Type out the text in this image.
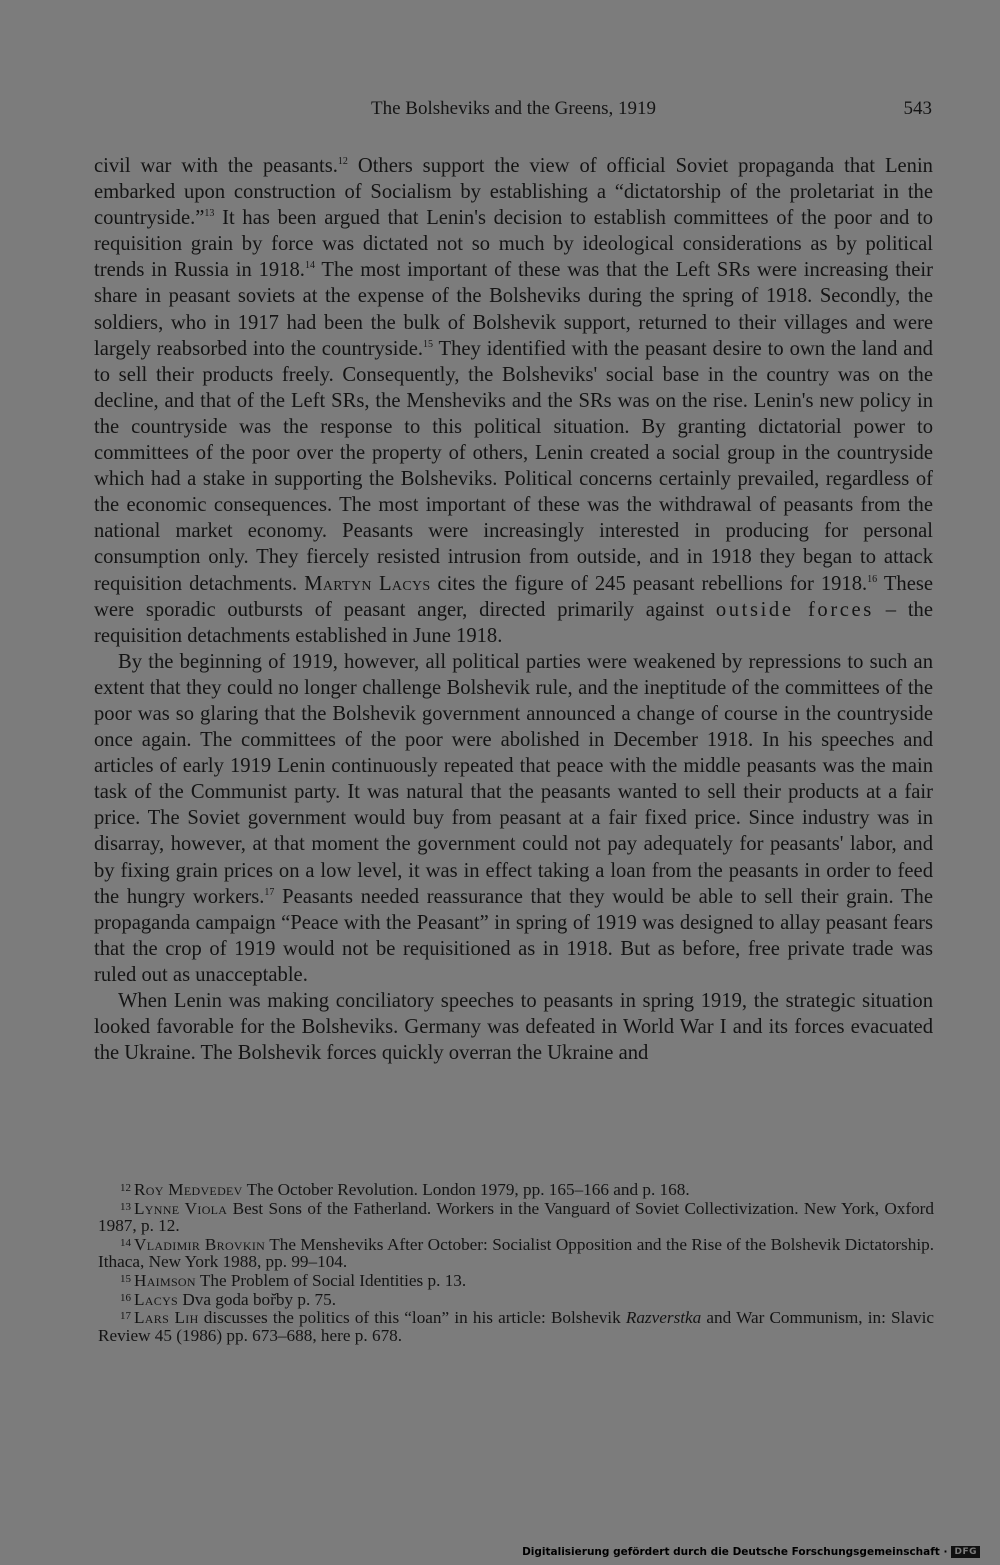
The Bolsheviks and the Greens, 1919	543

civil war with the peasants.$^{12}$ Others support the view of official Soviet propaganda that Lenin embarked upon construction of Socialism by establishing a “dictatorship of the proletariat in the countryside.”$^{13}$ It has been argued that Lenin's decision to establish committees of the poor and to requisition grain by force was dictated not so much by ideological considerations as by political trends in Russia in 1918.14 The most important of these was that the Left SRs were increasing their share in peasant soviets at the expense of the Bolsheviks during the spring of 1918. Secondly, the soldiers, who in 1917 had been the bulk of Bolshevik support, returned to their villages and were largely reabsorbed into the countryside.$^{15}$ They identified with the peasant desire to own the land and to sell their products freely. Consequently, the Bolsheviks' social base in the country was on the decline, and that of the Left SRs, the Mensheviks and the SRs was on the rise. Lenin's new policy in the countryside was the response to this political situation. By granting dictatorial power to committees of the poor over the property of others, Lenin created a social group in the countryside which had a stake in supporting the Bolsheviks. Political concerns certainly prevailed, regardless of the economic consequences. The most important of these was the withdrawal of peasants from the national market economy. Peasants were increasingly interested in producing for personal consumption only. They fiercely resisted intrusion from outside, and in 1918 they began to attack requisition detachments. Martyn Lacys cites the figure of 245 peasant rebellions for 1918.16 These were sporadic outbursts of peasant anger, directed primarily against outside forces – the requisition detachments established in June 1918.

By the beginning of 1919, however, all political parties were weakened by repressions to such an extent that they could no longer challenge Bolshevik rule, and the ineptitude of the committees of the poor was so glaring that the Bolshevik government announced a change of course in the countryside once again. The committees of the poor were abolished in December 1918. In his speeches and articles of early 1919 Lenin continuously repeated that peace with the middle peasants was the main task of the Communist party. It was natural that the peasants wanted to sell their products at a fair price. The Soviet government would buy from peasant at a fair fixed price. Since industry was in disarray, however, at that moment the government could not pay adequately for peasants' labor, and by fixing grain prices on a low level, it was in effect taking a loan from the peasants in order to feed the hungry workers.$^{17}$ Peasants needed reassurance that they would be able to sell their grain. The propaganda campaign “Peace with the Peasant” in spring of 1919 was designed to allay peasant fears that the crop of 1919 would not be requisitioned as in 1918. But as before, free private trade was ruled out as unacceptable.

When Lenin was making conciliatory speeches to peasants in spring 1919, the strategic situation looked favorable for the Bolsheviks. Germany was defeated in World War I and its forces evacuated the Ukraine. The Bolshevik forces quickly overran the Ukraine and

$^{12}$ Roy Medvedev The October Revolution. London 1979, pp. 165–166 and p. 168.

$^{13}$ Lynne Viola Best Sons of the Fatherland. Workers in the Vanguard of Soviet Collectivization. New York, Oxford 1987, p. 12.

$^{14}$ Vladimir Brovkin The Mensheviks After October: Socialist Opposition and the Rise of the Bolshevik Dictatorship. Ithaca, New York 1988, pp. 99–104.

$^{15}$ Haimson The Problem of Social Identities p. 13.

$^{16}$ Lacys Dva goda bor̆by p. 75.

$^{17}$ Lars Lih discusses the politics of this “loan” in his article: Bolshevik Razverstka and War Communism, in: Slavic Review 45 (1986) pp. 673–688, here p. 678.

Digitalisierung gefördert durch die Deutsche Forschungsgemeinschaft · DFG
